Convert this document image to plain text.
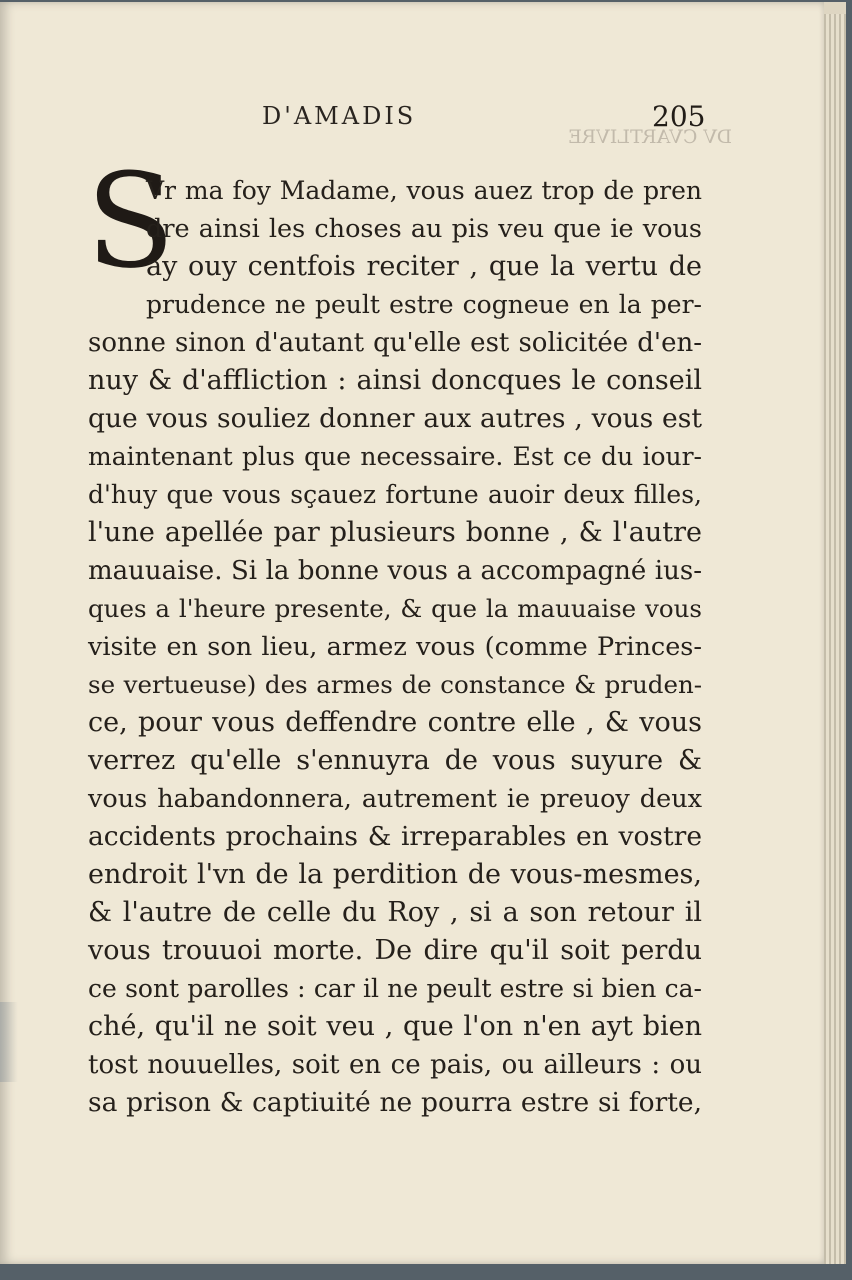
D'AMADIS	205
DV CVARTLIVRE
S
Vr ma foy Madame, vous auez trop de pren
dre ainsi les choses au pis veu que ie vous
ay ouy centfois reciter , que la vertu de
prudence ne peult estre cogneue en la per-
sonne sinon d'autant qu'elle est solicitée d'en-
nuy & d'affliction : ainsi doncques le conseil
que vous souliez donner aux autres , vous est
maintenant plus que necessaire. Est ce du iour-
d'huy que vous sçauez fortune auoir deux filles,
l'une apellée par plusieurs bonne , & l'autre
mauuaise. Si la bonne vous a accompagné ius-
ques a l'heure presente, & que la mauuaise vous
visite en son lieu, armez vous (comme Princes-
se vertueuse) des armes de constance & pruden-
ce, pour vous deffendre contre elle , & vous
verrez qu'elle s'ennuyra de vous suyure &
vous habandonnera, autrement ie preuoy deux
accidents prochains & irreparables en vostre
endroit l'vn de la perdition de vous-mesmes,
& l'autre de celle du Roy , si a son retour il
vous trouuoi morte. De dire qu'il soit perdu
ce sont parolles : car il ne peult estre si bien ca-
ché, qu'il ne soit veu , que l'on n'en ayt bien
tost nouuelles, soit en ce pais, ou ailleurs : ou
sa prison & captiuité ne pourra estre si forte,
